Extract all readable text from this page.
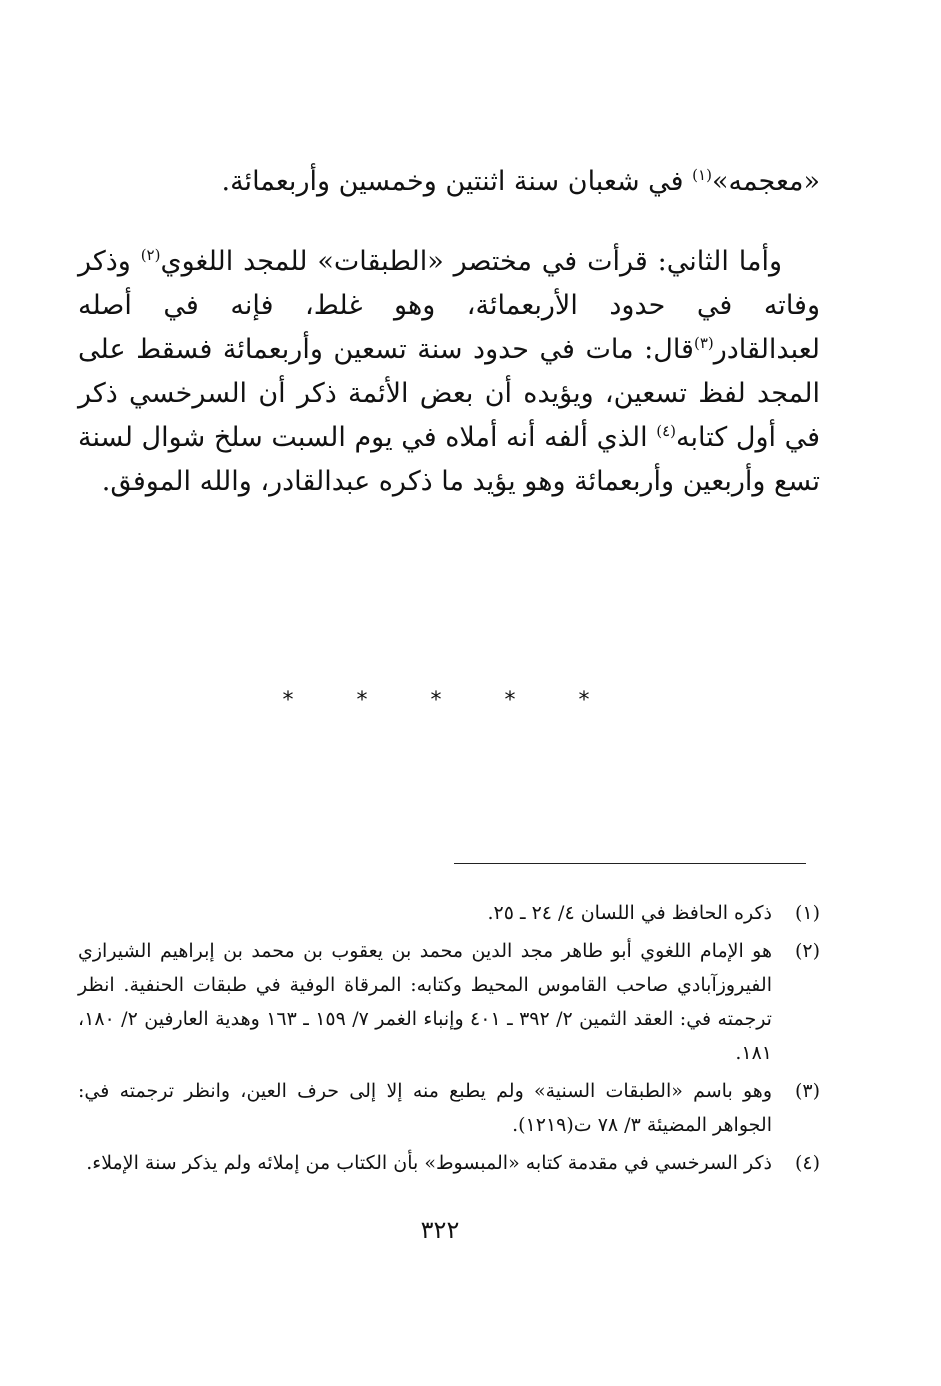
«معجمه»$^{(١)}$ في شعبان سنة اثنتين وخمسين وأربعمائة.
وأما الثاني: قرأت في مختصر «الطبقات» للمجد اللغوي$^{(٢)}$ وذكر وفاته في حدود الأربعمائة، وهو غلط، فإنه في أصله لعبدالقادر$^{(٣)}$قال: مات في حدود سنة تسعين وأربعمائة فسقط على المجد لفظ تسعين، ويؤيده أن بعض الأئمة ذكر أن السرخسي ذكر في أول كتابه$^{(٤)}$ الذي ألفه أنه أملاه في يوم السبت سلخ شوال لسنة تسع وأربعين وأربعمائة وهو يؤيد ما ذكره عبدالقادر، والله الموفق.
* * * * *
(١)
ذكره الحافظ في اللسان ٤/ ٢٤ ـ ٢٥.
(٢)
هو الإمام اللغوي أبو طاهر مجد الدين محمد بن يعقوب بن محمد بن إبراهيم الشيرازي الفيروزآبادي صاحب القاموس المحيط وكتابه: المرقاة الوفية في طبقات الحنفية. انظر ترجمته في: العقد الثمين ٢/ ٣٩٢ ـ ٤٠١ وإنباء الغمر ٧/ ١٥٩ ـ ١٦٣ وهدية العارفين ٢/ ١٨٠، ١٨١.
(٣)
وهو باسم «الطبقات السنية» ولم يطبع منه إلا إلى حرف العين، وانظر ترجمته في: الجواهر المضيئة ٣/ ٧٨ ت(١٢١٩).
(٤)
ذكر السرخسي في مقدمة كتابه «المبسوط» بأن الكتاب من إملائه ولم يذكر سنة الإملاء.
٣٢٢
